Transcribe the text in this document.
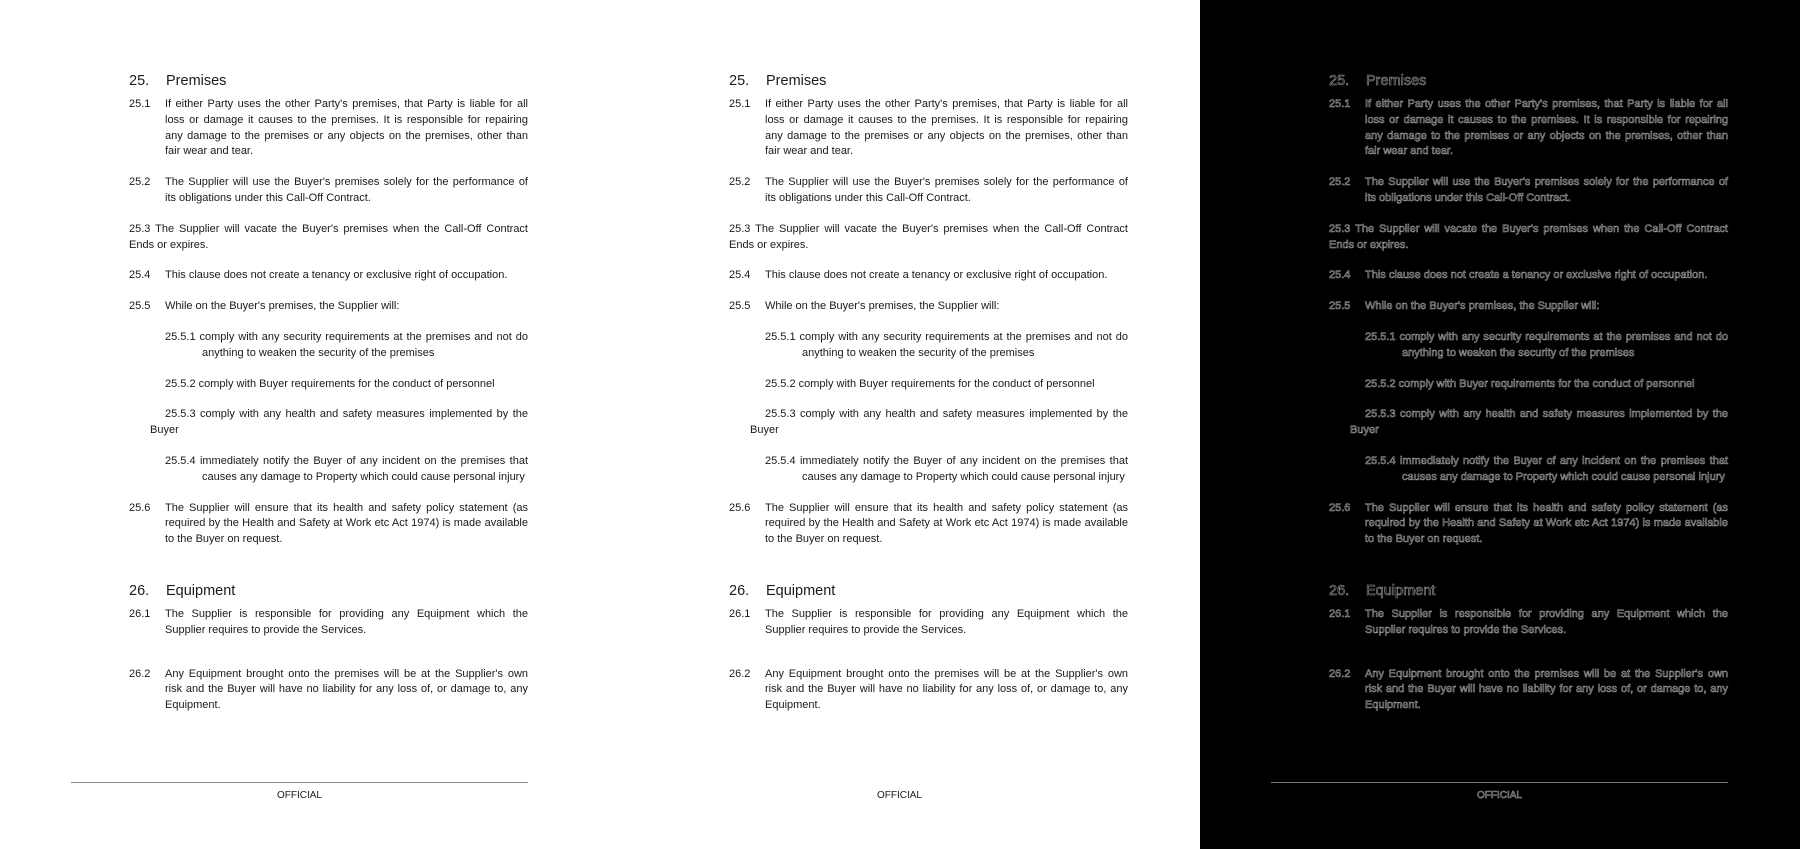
25.	Premises
25.1	If either Party uses the other Party's premises, that Party is liable for all loss or damage it causes to the premises. It is responsible for repairing any damage to the premises or any objects on the premises, other than fair wear and tear.
25.2	The Supplier will use the Buyer's premises solely for the performance of its obligations under this Call-Off Contract.
25.3 The Supplier will vacate the Buyer's premises when the Call-Off Contract Ends or expires.
25.4	This clause does not create a tenancy or exclusive right of occupation.
25.5	While on the Buyer's premises, the Supplier will:
25.5.1 comply with any security requirements at the premises and not do anything to weaken the security of the premises
25.5.2 comply with Buyer requirements for the conduct of personnel
25.5.3 comply with any health and safety measures implemented by the Buyer
25.5.4 immediately notify the Buyer of any incident on the premises that causes any damage to Property which could cause personal injury
25.6	The Supplier will ensure that its health and safety policy statement (as required by the Health and Safety at Work etc Act 1974) is made available to the Buyer on request.
26.	Equipment
26.1	The Supplier is responsible for providing any Equipment which the Supplier requires to provide the Services.
26.2	Any Equipment brought onto the premises will be at the Supplier's own risk and the Buyer will have no liability for any loss of, or damage to, any Equipment.
OFFICIAL
25.	Premises
25.1	If either Party uses the other Party's premises, that Party is liable for all loss or damage it causes to the premises. It is responsible for repairing any damage to the premises or any objects on the premises, other than fair wear and tear.
25.2	The Supplier will use the Buyer's premises solely for the performance of its obligations under this Call-Off Contract.
25.3 The Supplier will vacate the Buyer's premises when the Call-Off Contract Ends or expires.
25.4	This clause does not create a tenancy or exclusive right of occupation.
25.5	While on the Buyer's premises, the Supplier will:
25.5.1 comply with any security requirements at the premises and not do anything to weaken the security of the premises
25.5.2 comply with Buyer requirements for the conduct of personnel
25.5.3 comply with any health and safety measures implemented by the Buyer
25.5.4 immediately notify the Buyer of any incident on the premises that causes any damage to Property which could cause personal injury
25.6	The Supplier will ensure that its health and safety policy statement (as required by the Health and Safety at Work etc Act 1974) is made available to the Buyer on request.
26.	Equipment
26.1	The Supplier is responsible for providing any Equipment which the Supplier requires to provide the Services.
26.2	Any Equipment brought onto the premises will be at the Supplier's own risk and the Buyer will have no liability for any loss of, or damage to, any Equipment.
OFFICIAL
25.	Premises
25.1	If either Party uses the other Party's premises, that Party is liable for all loss or damage it causes to the premises. It is responsible for repairing any damage to the premises or any objects on the premises, other than fair wear and tear.
25.2	The Supplier will use the Buyer's premises solely for the performance of its obligations under this Call-Off Contract.
25.3 The Supplier will vacate the Buyer's premises when the Call-Off Contract Ends or expires.
25.4	This clause does not create a tenancy or exclusive right of occupation.
25.5	While on the Buyer's premises, the Supplier will:
25.5.1 comply with any security requirements at the premises and not do anything to weaken the security of the premises
25.5.2 comply with Buyer requirements for the conduct of personnel
25.5.3 comply with any health and safety measures implemented by the Buyer
25.5.4 immediately notify the Buyer of any incident on the premises that causes any damage to Property which could cause personal injury
25.6	The Supplier will ensure that its health and safety policy statement (as required by the Health and Safety at Work etc Act 1974) is made available to the Buyer on request.
26.	Equipment
26.1	The Supplier is responsible for providing any Equipment which the Supplier requires to provide the Services.
26.2	Any Equipment brought onto the premises will be at the Supplier's own risk and the Buyer will have no liability for any loss of, or damage to, any Equipment.
OFFICIAL
